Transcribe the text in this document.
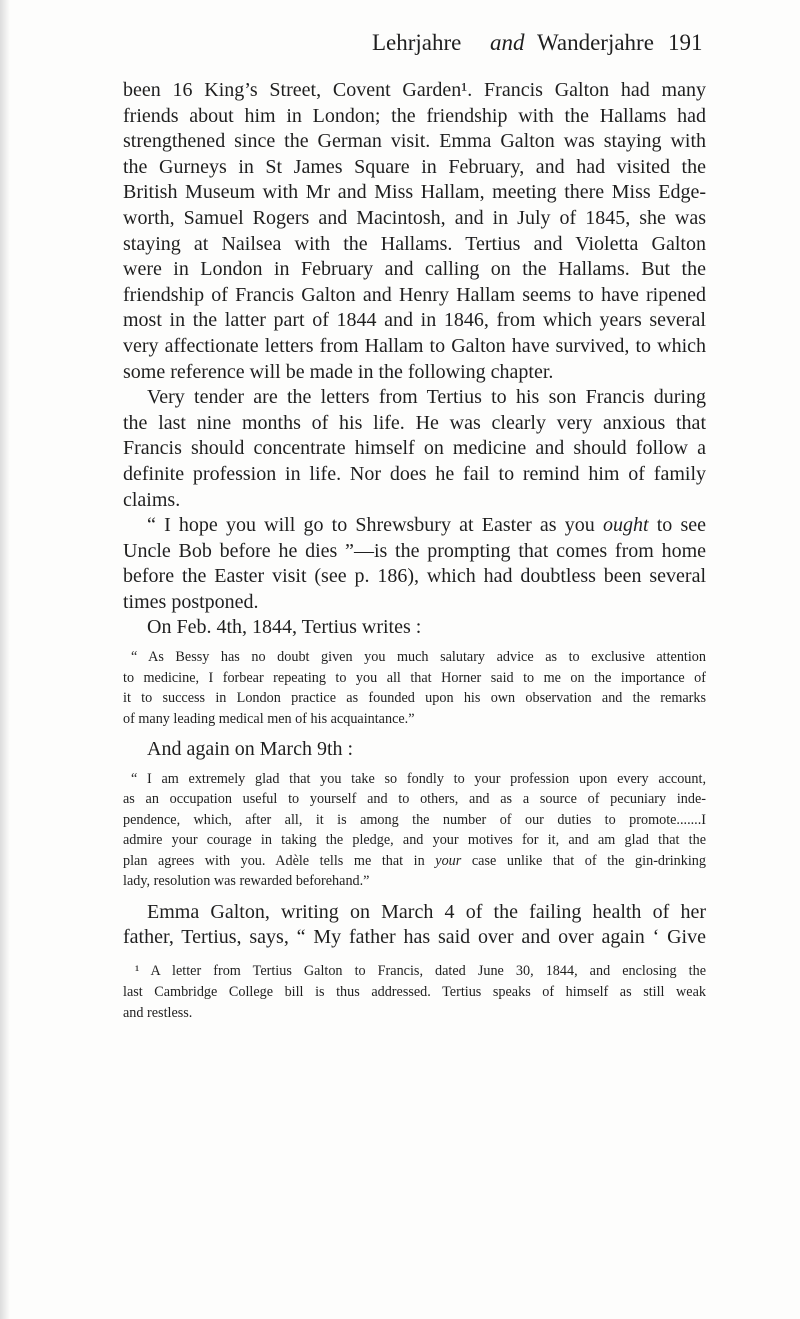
Lehrjahre and Wanderjahre 191
been 16 King’s Street, Covent Garden¹. Francis Galton had many
friends about him in London; the friendship with the Hallams had
strengthened since the German visit. Emma Galton was staying with
the Gurneys in St James Square in February, and had visited the
British Museum with Mr and Miss Hallam, meeting there Miss Edge-
worth, Samuel Rogers and Macintosh, and in July of 1845, she was
staying at Nailsea with the Hallams. Tertius and Violetta Galton
were in London in February and calling on the Hallams. But the
friendship of Francis Galton and Henry Hallam seems to have ripened
most in the latter part of 1844 and in 1846, from which years several
very affectionate letters from Hallam to Galton have survived, to which
some reference will be made in the following chapter.
Very tender are the letters from Tertius to his son Francis during
the last nine months of his life. He was clearly very anxious that
Francis should concentrate himself on medicine and should follow a
definite profession in life. Nor does he fail to remind him of family
claims.
“ I hope you will go to Shrewsbury at Easter as you ought to see
Uncle Bob before he dies ”—is the prompting that comes from home
before the Easter visit (see p. 186), which had doubtless been several
times postponed.
On Feb. 4th, 1844, Tertius writes :
“ As Bessy has no doubt given you much salutary advice as to exclusive attention
to medicine, I forbear repeating to you all that Horner said to me on the importance of
it to success in London practice as founded upon his own observation and the remarks
of many leading medical men of his acquaintance.”
And again on March 9th :
“ I am extremely glad that you take so fondly to your profession upon every account,
as an occupation useful to yourself and to others, and as a source of pecuniary inde-
pendence, which, after all, it is among the number of our duties to promote.......I
admire your courage in taking the pledge, and your motives for it, and am glad that the
plan agrees with you. Adèle tells me that in your case unlike that of the gin-drinking
lady, resolution was rewarded beforehand.”
Emma Galton, writing on March 4 of the failing health of her
father, Tertius, says, “ My father has said over and over again ‘ Give
¹ A letter from Tertius Galton to Francis, dated June 30, 1844, and enclosing the
last Cambridge College bill is thus addressed. Tertius speaks of himself as still weak
and restless.
